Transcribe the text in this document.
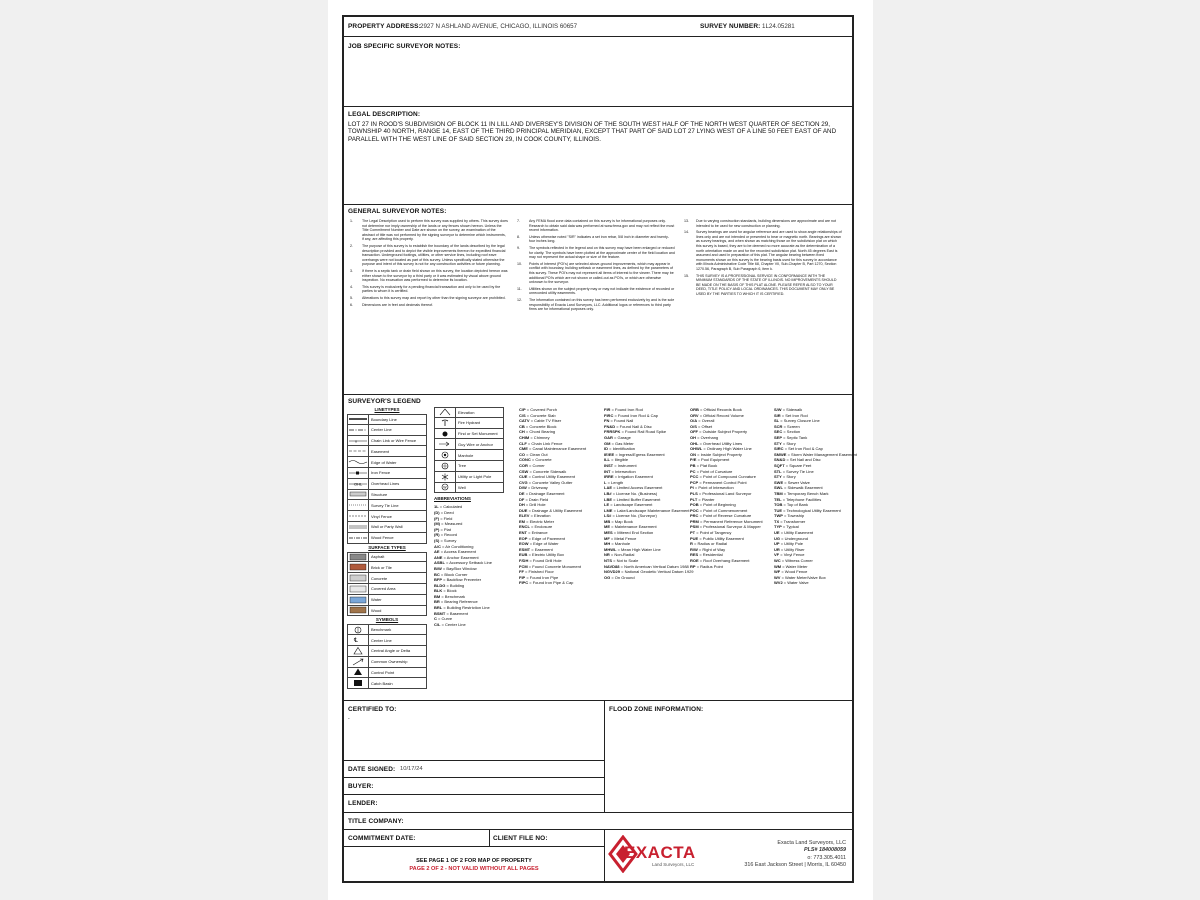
PROPERTY ADDRESS: 2927 N ASHLAND AVENUE, CHICAGO, ILLINOIS 60657	SURVEY NUMBER: 1L24.05281
JOB SPECIFIC SURVEYOR NOTES:
LEGAL DESCRIPTION:
LOT 27 IN ROOD'S SUBDIVISION OF BLOCK 11 IN LILL AND DIVERSEY'S DIVISION OF THE SOUTH WEST HALF OF THE NORTH WEST QUARTER OF SECTION 29, TOWNSHIP 40 NORTH, RANGE 14, EAST OF THE THIRD PRINCIPAL MERIDIAN, EXCEPT THAT PART OF SAID LOT 27 LYING WEST OF A LINE 50 FEET EAST OF AND PARALLEL WITH THE WEST LINE OF SAID SECTION 29, IN COOK COUNTY, ILLINOIS.
GENERAL SURVEYOR NOTES:
1.	The Legal Description used to perform this survey was supplied by others. This survey does not determine nor imply ownership of the lands or any fences shown hereon. Unless the Title Commitment Number and Date are shown on the survey, an examination of the abstract of title was not performed by the signing surveyor to determine which instruments, if any, are affecting this property.
2.	The purpose of this survey is to establish the boundary of the lands described by the legal description provided and to depict the visible improvements thereon for expedited financial transaction. Underground footings, utilities, or other service lines, including roof eave overhangs were not located as part of this survey. Unless specifically stated otherwise the purpose and intent of this survey is not for any construction activities or future planning.
3.	If there is a septic tank or drain field shown on this survey, the location depicted hereon was either shown to the surveyor by a third party or it was estimated by visual above ground inspection. No excavation was performed to determine its location.
4.	This survey is exclusively for a pending financial transaction and only to be used by the parties to whom it is certified.
5.	Alterations to this survey map and report by other than the signing surveyor are prohibited.
6.	Dimensions are in feet and decimals thereof.
7.	Any FEMA flood zone data contained on this survey is for informational purposes only. Research to obtain said data was performed at www.fema.gov and may not reflect the most recent information.
8.	Unless otherwise noted "SIR" indicates a set iron rebar, 5/8 inch in diameter and twenty-four inches long.
9.	The symbols reflected in the legend and on this survey may have been enlarged or reduced for clarity. The symbols have been plotted at the approximate center of the field location and may not represent the actual shape or size of the feature.
10.	Points of Interest (POI's) are selected above-ground improvements, which may appear in conflict with boundary, building setback or easement lines, as defined by the parameters of this survey. These POI's may not represent all items of interest to the viewer. There may be additional POI's which are not shown or called-out as POI's, or which are otherwise unknown to the surveyor.
11.	Utilities shown on the subject property may or may not indicate the existence of recorded or unrecorded utility easements.
12.	The information contained on this survey has been performed exclusively by and is the sole responsibility of Exacta Land Surveyors, LLC. Additional logos or references to third party firms are for informational purposes only.
13.	Due to varying construction standards, building dimensions are approximate and are not intended to be used for new construction or planning.
14.	Survey bearings are used for angular reference and are used to show angle relationships of lines only and are not intended or presented to bear or magnetic north. Bearings are shown as survey bearings, and when shown as matching those on the subdivision plat on which this survey is based, they are to be deemed no more accurate as the determination of a north orientation made on and for the recorded subdivision plat. North 45 degrees East is assumed and used in preparation of this plat. The angular bearing between fixed monuments shown on this survey is the bearing basis used for this survey in accordance with Illinois Administrative Code Title 68, Chapter VII, Sub-Chapter B, Part 1270, Section 1270.56, Paragraph B, Sub Paragraph 6, item k.
15.	THIS SURVEY IS A PROFESSIONAL SERVICE IN CONFORMANCE WITH THE MINIMUM STANDARDS OF THE STATE OF ILLINOIS. NO IMPROVEMENTS SHOULD BE MADE ON THE BASIS OF THIS PLAT ALONE. PLEASE REFER ALSO TO YOUR DEED, TITLE POLICY AND LOCAL ORDINANCES. THIS DOCUMENT MAY ONLY BE USED BY THE PARTIES TO WHICH IT IS CERTIFIED.
SURVEYOR'S LEGEND
LINETYPES
Boundary Line
Center Line
x	Chain Link or Wire Fence
Easement
Edge of Water
Iron Fence
OHL	Overhead Lines
Structure
Survey Tie Line
Vinyl Fence
Wall or Party Wall
Wood Fence
SURFACE TYPES
Asphalt
Brick or Tile
Concrete
Covered Area
Water
Wood
SYMBOLS
Benchmark
℄	Center Line
Central Angle or Delta
Common Ownership
Control Point
Catch Basin
Elevation
Fire Hydrant
Find or Set Monument
Guy Wire or Anchor
Manhole
Tree
Utility or Light Pole
W	Well
ABBREVIATIONS
1L = Calculated
(D) = Deed
(F) = Field
(M) = Measured
(P) = Plat
(R) = Record
(S) = Survey
A/C = Air Conditioning
AE = Access Easement
ANE = Anchor Easement
ASBL = Accessory Setback Line
B/W = Bay/Box Window
BC = Block Corner
BFP = Backflow Preventer
BLDG = Building
BLK = Block
BM = Benchmark
BR = Bearing Reference
BRL = Building Restriction Line
BSMT = Basement
C = Curve
C/L = Center Line
C/P = Covered Porch
C/S = Concrete Slab
CATV = Cable TV Riser
CB = Concrete Block
CH = Chord Bearing
CHIM = Chimney
CLF = Chain Link Fence
CME = Canal Maintenance Easement
CO = Clean Out
CONC = Concrete
COR = Corner
CSW = Concrete Sidewalk
CUE = Control Utility Easement
CVG = Concrete Valley Gutter
D/W = Driveway
DE = Drainage Easement
DF = Drain Field
DH = Drill Hole
DUE = Drainage & Utility Easement
ELEV = Elevation
EM = Electric Meter
ENCL = Enclosure
ENT = Entrance
EOP = Edge of Pavement
EOW = Edge of Water
ESMT = Easement
EUB = Electric Utility Box
F/DH = Found Drill Hole
FCM = Found Concrete Monument
FF = Finished Floor
FIP = Found Iron Pipe
FIPC = Found Iron Pipe & Cap
FIR = Found Iron Rod
FIRC = Found Iron Rod & Cap
FN = Found Nail
FN&D = Found Nail & Disc
FRRSPK = Found Rail Road Spike
GAR = Garage
GM = Gas Meter
ID = Identification
IE/EE = Ingress/Egress Easement
ILL = Illegible
INST = Instrument
INT = Intersection
IRRE = Irrigation Easement
L = Length
LAE = Limited Access Easement
LB# = License No. (Business)
LBE = Limited Buffer Easement
LE = Landscape Easement
LME = Lake/Landscape Maintenance Easement
LS# = License No. (Surveyor)
MB = Map Book
ME = Maintenance Easement
MES = Mitered End Section
MF = Metal Fence
MH = Manhole
MHWL = Mean High Water Line
NR = Non-Radial
NTS = Not to Scale
NAVD88 = North American Vertical Datum 1988
NGVD29 = National Geodetic Vertical Datum 1929
OG = On Ground
ORB = Official Records Book
ORV = Official Record Volume
O/A = Overall
O/S = Offset
OFF = Outside Subject Property
OH = Overhang
OHL = Overhead Utility Lines
OHWL = Ordinary High Water Line
ON = Inside Subject Property
P/E = Pool Equipment
PB = Plat Book
PC = Point of Curvature
PCC = Point of Compound Curvature
PCP = Permanent Control Point
PI = Point of Intersection
PLS = Professional Land Surveyor
PLT = Planter
POB = Point of Beginning
POC = Point of Commencement
PRC = Point of Reverse Curvature
PRM = Permanent Reference Monument
PSM = Professional Surveyor & Mapper
PT = Point of Tangency
PUE = Public Utility Easement
R = Radius or Radial
R/W = Right of Way
RES = Residential
ROE = Roof Overhang Easement
RP = Radius Point
S/W = Sidewalk
SIR = Set Iron Rod
SL = Survey Closure Line
SCR = Screen
SEC = Section
SEP = Septic Tank
STY = Story
SIRC = Set Iron Rod & Cap
SMWE = Storm Water Management Easement
SN&D = Set Nail and Disc
SQFT = Square Feet
STL = Survey Tie Line
STY = Story
SWE = Sewer Valve
SWL = Sidewalk Easement
TBM = Temporary Bench Mark
TEL = Telephone Facilities
TOB = Top of Bank
TUE = Technological Utility Easement
TWP = Township
TX = Transformer
TYP = Typical
UE = Utility Easement
UG = Underground
UP = Utility Pole
UR = Utility Riser
VF = Vinyl Fence
WC = Witness Corner
WM = Water Meter
WF = Wood Fence
WV = Water Meter/Valve Box
WV2 = Water Valve
CERTIFIED TO:
-
FLOOD ZONE INFORMATION:
DATE SIGNED: 10/17/24
BUYER:
LENDER:
TITLE COMPANY:
COMMITMENT DATE:	CLIENT FILE NO:
SEE PAGE 1 OF 2 FOR MAP OF PROPERTY
PAGE 2 OF 2 - NOT VALID WITHOUT ALL PAGES
EXACTA
Land Surveyors, LLC
Exacta Land Surveyors, LLC
PLS# 184008059
o: 773.305.4011
316 East Jackson Street | Morris, IL 60450
